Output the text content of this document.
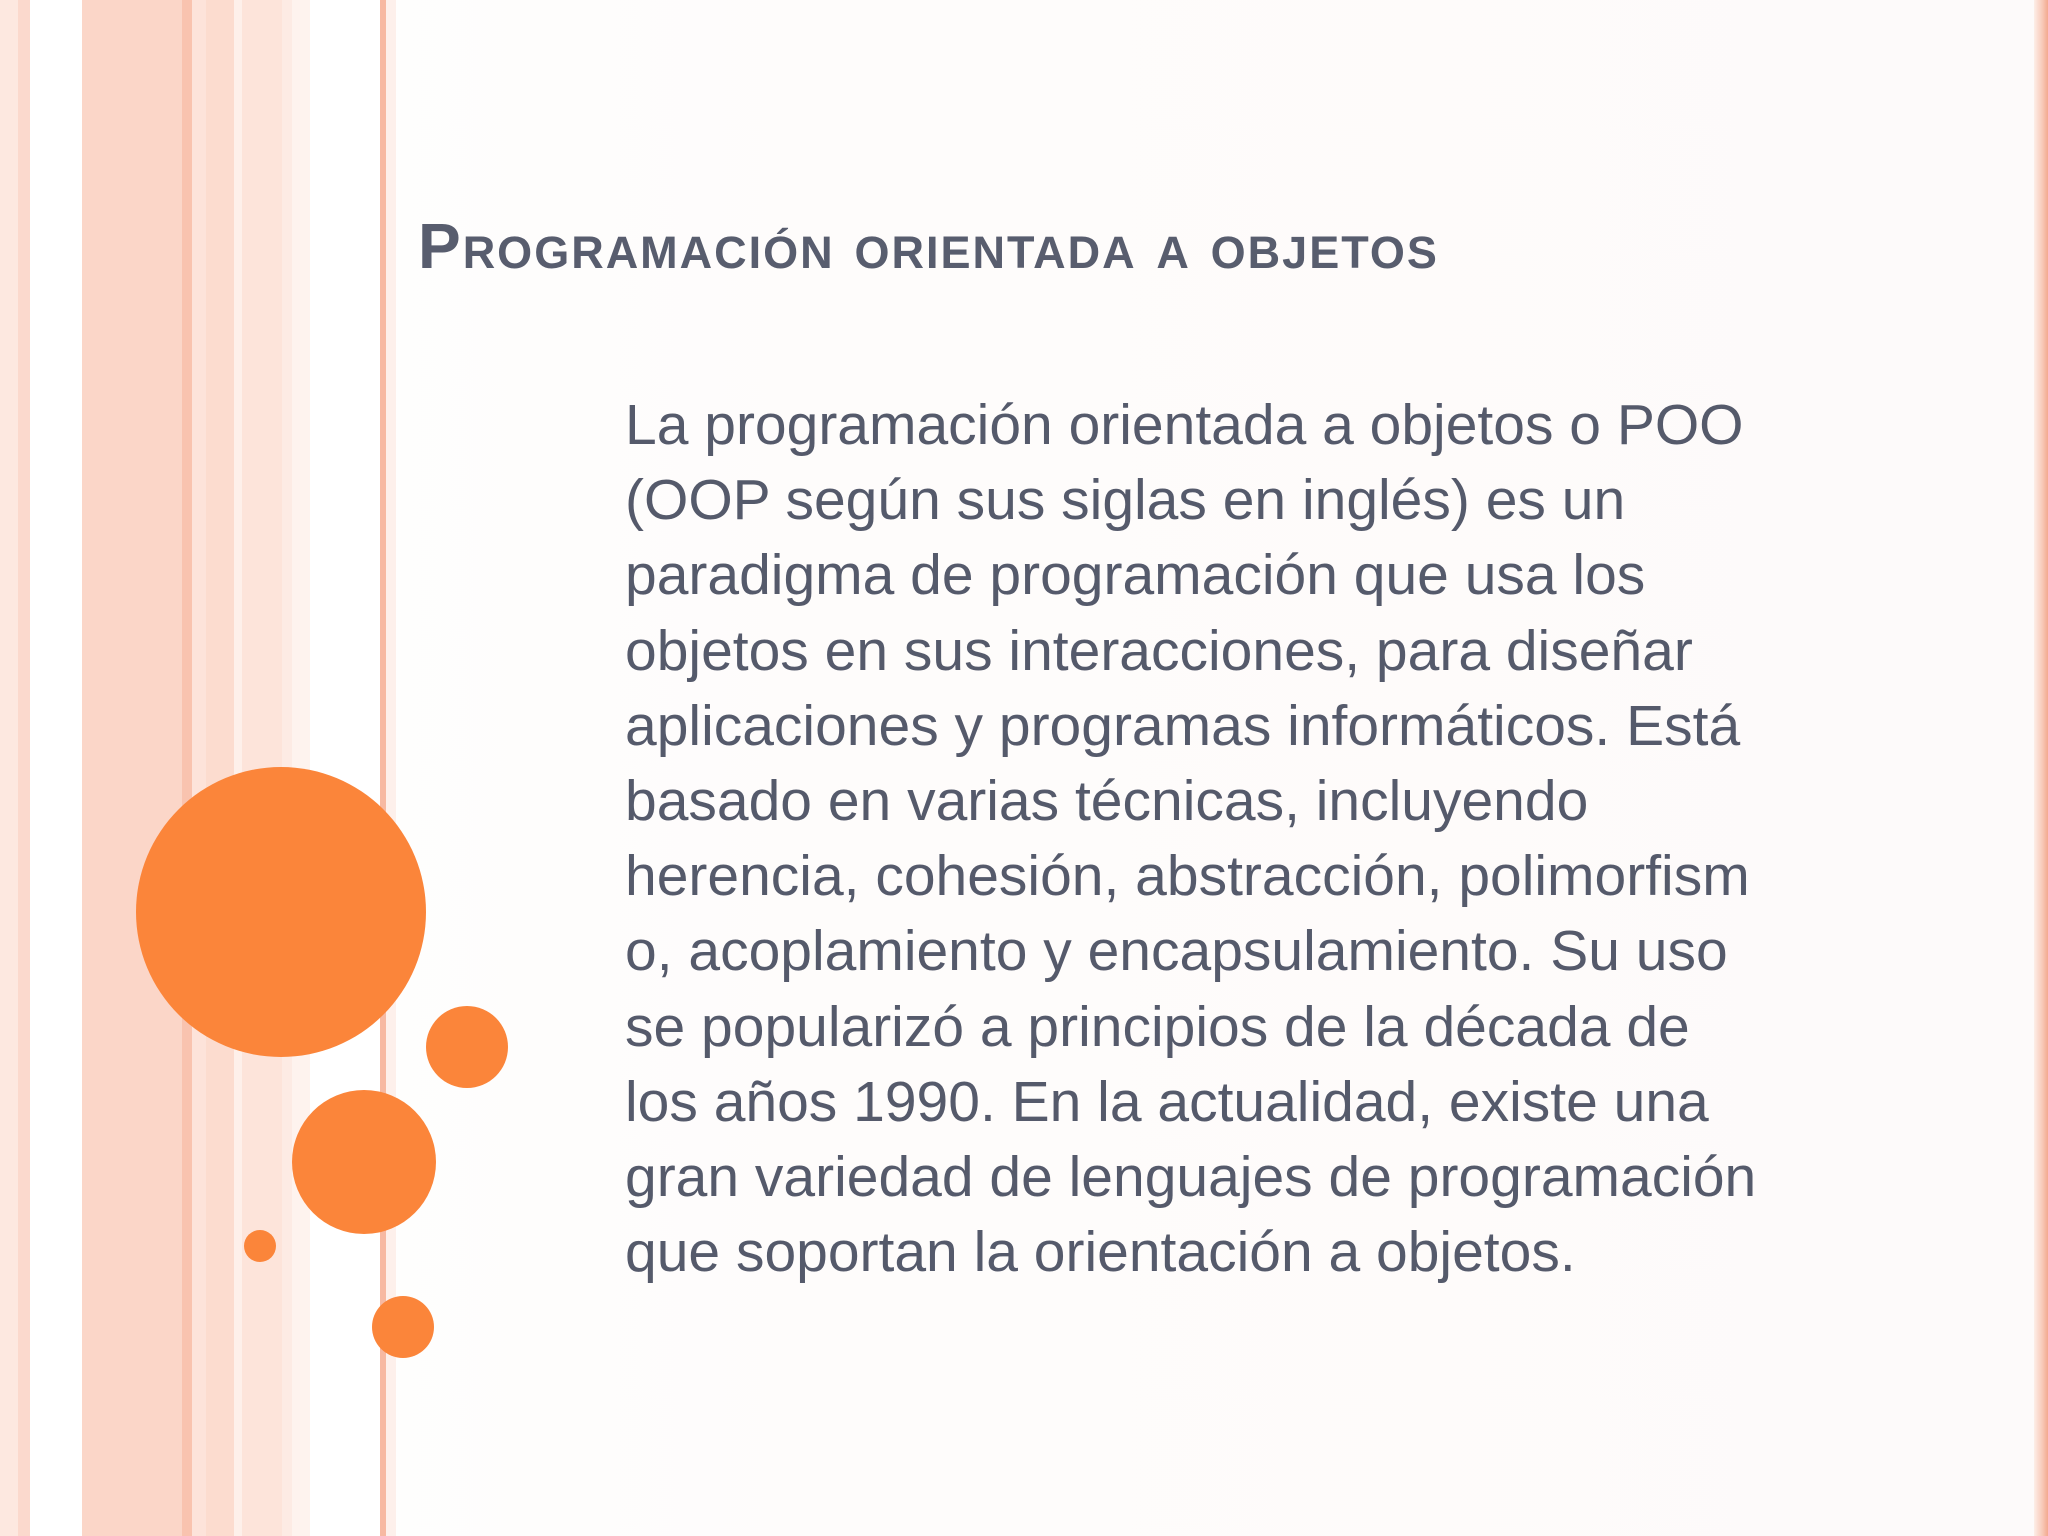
Programación orientada a objetos

La programación orientada a objetos o POO
(OOP según sus siglas en inglés) es un
paradigma de programación que usa los
objetos en sus interacciones, para diseñar
aplicaciones y programas informáticos. Está
basado en varias técnicas, incluyendo
herencia, cohesión, abstracción, polimorfism
o, acoplamiento y encapsulamiento. Su uso
se popularizó a principios de la década de
los años 1990. En la actualidad, existe una
gran variedad de lenguajes de programación
que soportan la orientación a objetos.
